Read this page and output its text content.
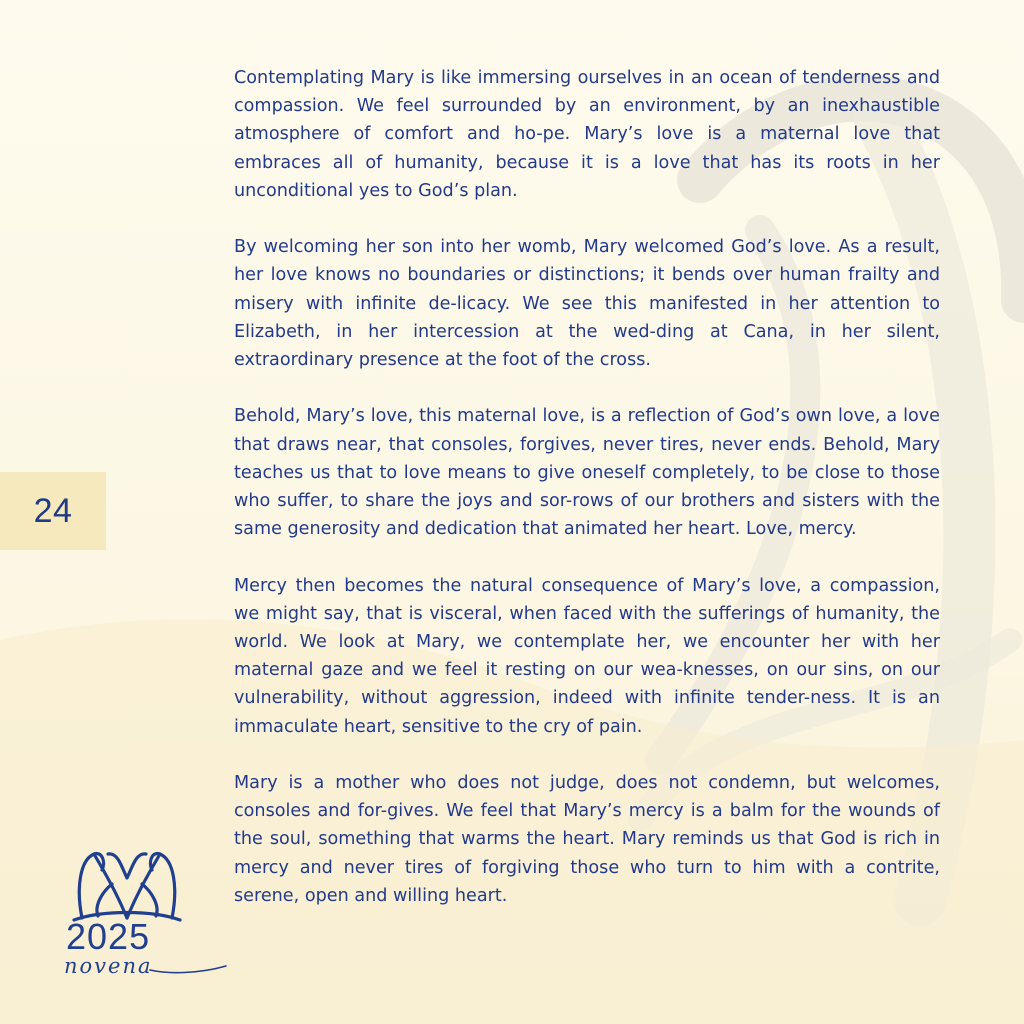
24

Contemplating Mary is like immersing ourselves in an ocean of tenderness and compassion. We feel surrounded by an environment, by an inexhaustible atmosphere of comfort and ho-pe. Mary’s love is a maternal love that embraces all of humanity, because it is a love that has its roots in her unconditional yes to God’s plan.

By welcoming her son into her womb, Mary welcomed God’s love. As a result, her love knows no boundaries or distinctions; it bends over human frailty and misery with infinite de-licacy. We see this manifested in her attention to Elizabeth, in her intercession at the wed-ding at Cana, in her silent, extraordinary presence at the foot of the cross.

Behold, Mary’s love, this maternal love, is a reflection of God’s own love, a love that draws near, that consoles, forgives, never tires, never ends. Behold, Mary teaches us that to love means to give oneself completely, to be close to those who suffer, to share the joys and sor-rows of our brothers and sisters with the same generosity and dedication that animated her heart. Love, mercy.

Mercy then becomes the natural consequence of Mary’s love, a compassion, we might say, that is visceral, when faced with the sufferings of humanity, the world. We look at Mary, we contemplate her, we encounter her with her maternal gaze and we feel it resting on our wea-knesses, on our sins, on our vulnerability, without aggression, indeed with infinite tender-ness. It is an immaculate heart, sensitive to the cry of pain.

Mary is a mother who does not judge, does not condemn, but welcomes, consoles and for-gives. We feel that Mary’s mercy is a balm for the wounds of the soul, something that warms the heart. Mary reminds us that God is rich in mercy and never tires of forgiving those who turn to him with a contrite, serene, open and willing heart.

2025
novena
